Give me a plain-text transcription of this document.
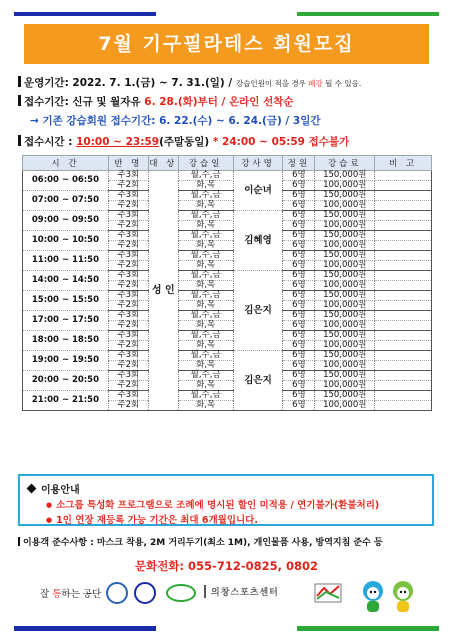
7월 기구필라테스 회원모집
운영기간: 2022. 7. 1.(금) ~ 7. 31.(일) / 강습인원이 적을 경우 폐강 될 수 있음.
접수기간: 신규 및 월자유 6. 28.(화)부터 / 온라인 선착순
→ 기존 강습회원 접수기간: 6. 22.(수) ~ 6. 24.(금) / 3일간
접수시간 : 10:00 ~ 23:59(주말동일) * 24:00 ~ 05:59 접수불가
시 간	반 명	대 상	강습일	강사명	정원	강습료	비 고
06:00 ~ 06:50	주3회	성 인	월,수,금	이순녀	6명	150,000원	
	주2회		화,목		6명	100,000원	
07:00 ~ 07:50	주3회		월,수,금		6명	150,000원	
	주2회		화,목		6명	100,000원	
09:00 ~ 09:50	주3회		월,수,금	김혜영	6명	150,000원	
	주2회		화,목		6명	100,000원	
10:00 ~ 10:50	주3회		월,수,금		6명	150,000원	
	주2회		화,목		6명	100,000원	
11:00 ~ 11:50	주3회		월,수,금		6명	150,000원	
	주2회		화,목		6명	100,000원	
14:00 ~ 14:50	주3회		월,수,금	김은지	6명	150,000원	
	주2회		화,목		6명	100,000원	
15:00 ~ 15:50	주3회		월,수,금		6명	150,000원	
	주2회		화,목		6명	100,000원	
17:00 ~ 17:50	주3회		월,수,금		6명	150,000원	
	주2회		화,목		6명	100,000원	
18:00 ~ 18:50	주3회		월,수,금		6명	150,000원	
	주2회		화,목		6명	100,000원	
19:00 ~ 19:50	주3회		월,수,금	김은지	6명	150,000원	
	주2회		화,목		6명	100,000원	
20:00 ~ 20:50	주3회		월,수,금		6명	150,000원	
	주2회		화,목		6명	100,000원	
21:00 ~ 21:50	주3회		월,수,금		6명	150,000원	
	주2회		화,목		6명	100,000원	
이용안내
● 소그룹 특성화 프로그램으로 조례에 명시된 할인 미적용 / 연기불가(환불처리)
● 1인 연장 재등록 가능 기간은 최대 6개월입니다.
이용객 준수사항 : 마스크 착용, 2M 거리두기(최소 1M), 개인물품 사용, 방역지침 준수 등
문화전화: 055-712-0825, 0802
잘 통하는 공단	의창스포츠센터
